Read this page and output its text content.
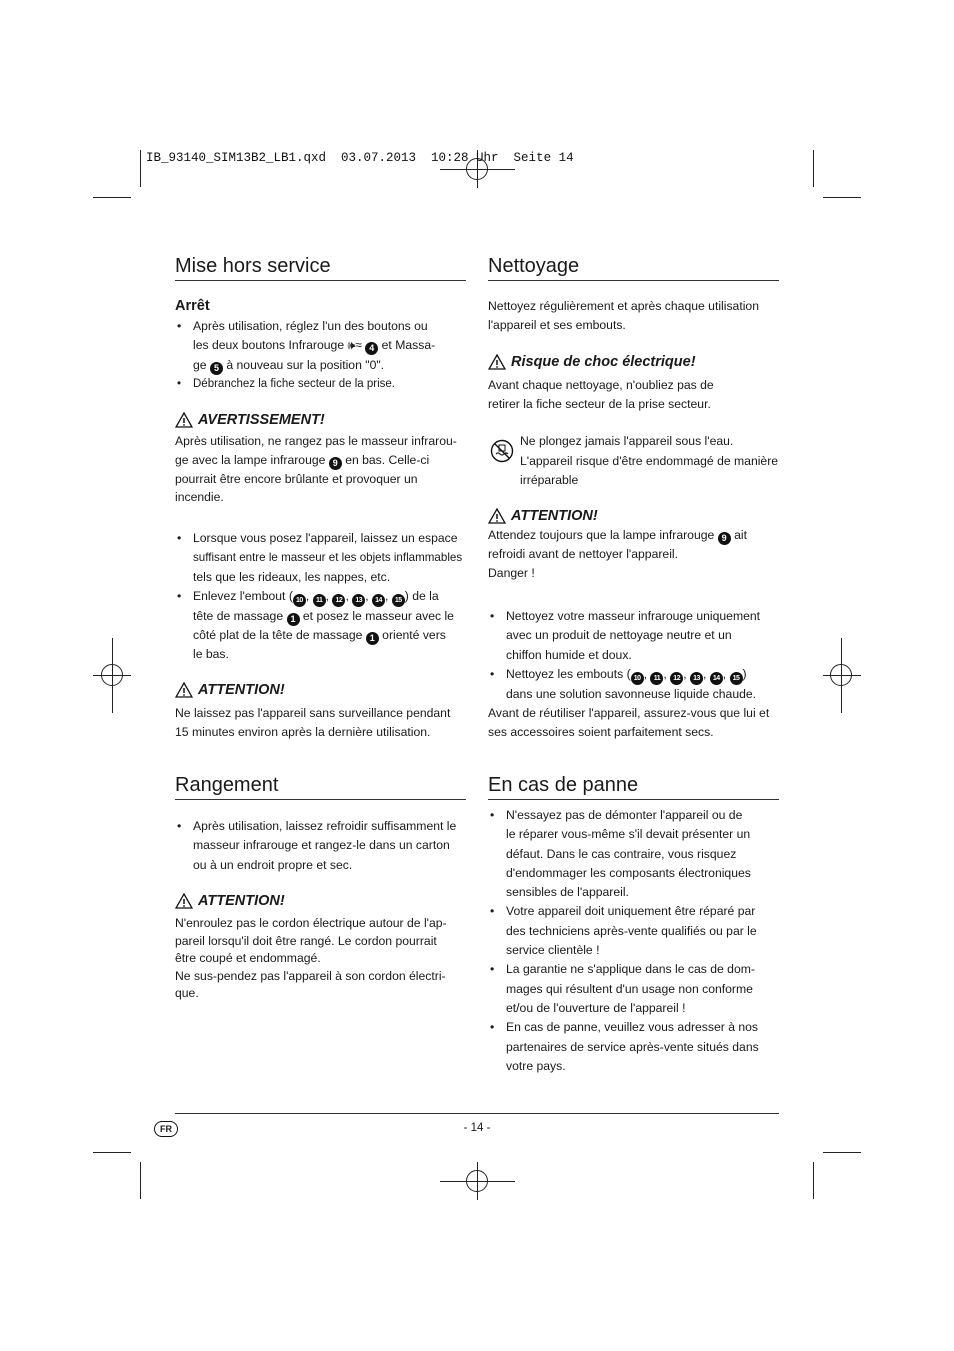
IB_93140_SIM13B2_LB1.qxd  03.07.2013  10:28 Uhr  Seite 14
Mise hors service
Arrêt
• Après utilisation, réglez l'un des boutons ou
les deux boutons Infrarouge 🕪≈ 4 et Massa-
ge 5 à nouveau sur la position "0".
• Débranchez la fiche secteur de la prise.
AVERTISSEMENT!

Après utilisation, ne rangez pas le masseur infrarou-
ge avec la lampe infrarouge 9 en bas. Celle-ci
pourrait être encore brûlante et provoquer un
incendie.

• Lorsque vous posez l'appareil, laissez un espace
suffisant entre le masseur et les objets inflammables
tels que les rideaux, les nappes, etc.
• Enlevez l'embout ( 10 , 11 , 12 , 13 , 14 , 15 ) de la
tête de massage 1 et posez le masseur avec le
côté plat de la tête de massage 1 orienté vers
le bas.
ATTENTION!

Ne laissez pas l'appareil sans surveillance pendant
15 minutes environ après la dernière utilisation.

Rangement
• Après utilisation, laissez refroidir suffisamment le
masseur infrarouge et rangez-le dans un carton
ou à un endroit propre et sec.
ATTENTION!

N'enroulez pas le cordon électrique autour de l'ap-
pareil lorsqu'il doit être rangé. Le cordon pourrait
être coupé et endommagé.
Ne sus-pendez pas l'appareil à son cordon électri-
que.

Nettoyage

Nettoyez régulièrement et après chaque utilisation
l'appareil et ses embouts.

Risque de choc électrique!

Avant chaque nettoyage, n'oubliez pas de
retirer la fiche secteur de la prise secteur.

Ne plongez jamais l'appareil sous l'eau.
L'appareil risque d'être endommagé de manière
irréparable

ATTENTION!

Attendez toujours que la lampe infrarouge 9 ait
refroidi avant de nettoyer l'appareil.
Danger !

• Nettoyez votre masseur infrarouge uniquement
avec un produit de nettoyage neutre et un
chiffon humide et doux.
• Nettoyez les embouts ( 10 , 11 , 12 , 13 , 14 , 15 )
dans une solution savonneuse liquide chaude.

Avant de réutiliser l'appareil, assurez-vous que lui et
ses accessoires soient parfaitement secs.

En cas de panne
• N'essayez pas de démonter l'appareil ou de
le réparer vous-même s'il devait présenter un
défaut. Dans le cas contraire, vous risquez
d'endommager les composants électroniques
sensibles de l'appareil.
• Votre appareil doit uniquement être réparé par
des techniciens après-vente qualifiés ou par le
service clientèle !
• La garantie ne s'applique dans le cas de dom-
mages qui résultent d'un usage non conforme
et/ou de l'ouverture de l'appareil !
• En cas de panne, veuillez vous adresser à nos
partenaires de service après-vente situés dans
votre pays.
FR	- 14 -
